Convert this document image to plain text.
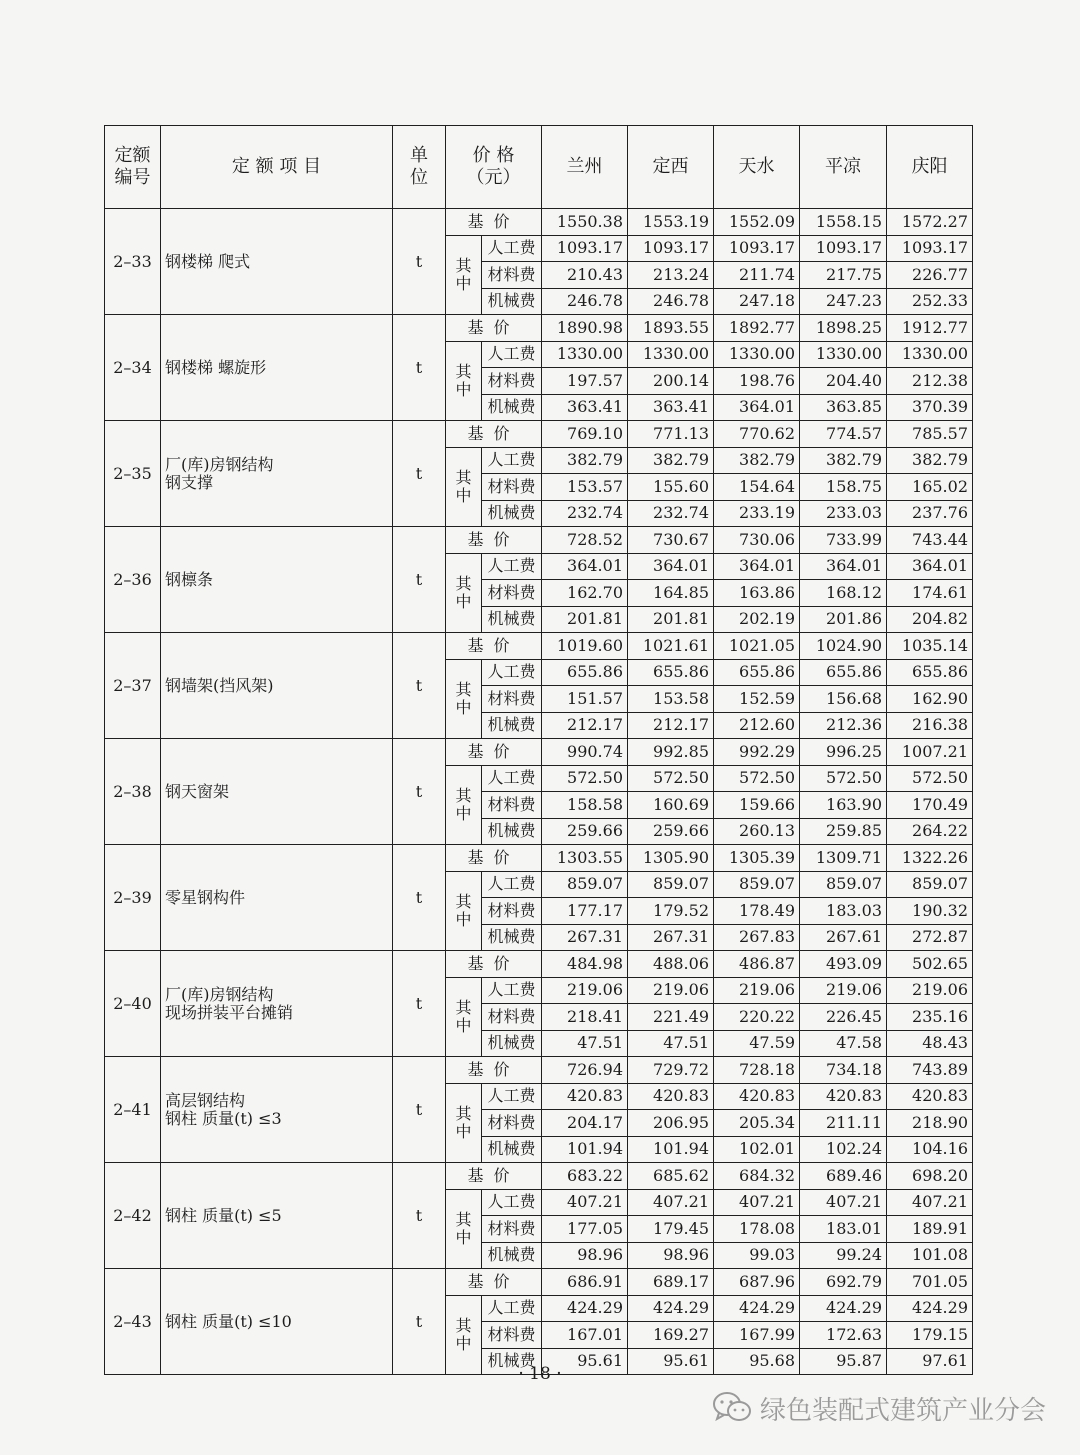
定额
编号	定 额 项 目	单
位	价 格
（元）		兰州	定西	天水	平凉	庆阳
2–33	钢楼梯 爬式	t	基价		1550.38	1553.19	1552.09	1558.15	1572.27

			其
中	人工费	1093.17	1093.17	1093.17	1093.17	1093.17
				材料费	210.43	213.24	211.74	217.75	226.77
				机械费	246.78	246.78	247.18	247.23	252.33
2–34	钢楼梯 螺旋形	t	基价		1890.98	1893.55	1892.77	1898.25	1912.77

			其
中	人工费	1330.00	1330.00	1330.00	1330.00	1330.00
				材料费	197.57	200.14	198.76	204.40	212.38
				机械费	363.41	363.41	364.01	363.85	370.39
2–35	厂(库)房钢结构
钢支撑	t	基价		769.10	771.13	770.62	774.57	785.57

			其
中	人工费	382.79	382.79	382.79	382.79	382.79
				材料费	153.57	155.60	154.64	158.75	165.02
				机械费	232.74	232.74	233.19	233.03	237.76
2–36	钢檩条	t	基价		728.52	730.67	730.06	733.99	743.44

			其
中	人工费	364.01	364.01	364.01	364.01	364.01
				材料费	162.70	164.85	163.86	168.12	174.61
				机械费	201.81	201.81	202.19	201.86	204.82
2–37	钢墙架(挡风架)	t	基价		1019.60	1021.61	1021.05	1024.90	1035.14

			其
中	人工费	655.86	655.86	655.86	655.86	655.86
				材料费	151.57	153.58	152.59	156.68	162.90
				机械费	212.17	212.17	212.60	212.36	216.38
2–38	钢天窗架	t	基价		990.74	992.85	992.29	996.25	1007.21

			其
中	人工费	572.50	572.50	572.50	572.50	572.50
				材料费	158.58	160.69	159.66	163.90	170.49
				机械费	259.66	259.66	260.13	259.85	264.22
2–39	零星钢构件	t	基价		1303.55	1305.90	1305.39	1309.71	1322.26

			其
中	人工费	859.07	859.07	859.07	859.07	859.07
				材料费	177.17	179.52	178.49	183.03	190.32
				机械费	267.31	267.31	267.83	267.61	272.87
2–40	厂(库)房钢结构
现场拼装平台摊销	t	基价		484.98	488.06	486.87	493.09	502.65

			其
中	人工费	219.06	219.06	219.06	219.06	219.06
				材料费	218.41	221.49	220.22	226.45	235.16
				机械费	47.51	47.51	47.59	47.58	48.43
2–41	高层钢结构
钢柱 质量(t) ≤3	t	基价		726.94	729.72	728.18	734.18	743.89

			其
中	人工费	420.83	420.83	420.83	420.83	420.83
				材料费	204.17	206.95	205.34	211.11	218.90
				机械费	101.94	101.94	102.01	102.24	104.16
2–42	钢柱 质量(t) ≤5	t	基价		683.22	685.62	684.32	689.46	698.20

			其
中	人工费	407.21	407.21	407.21	407.21	407.21
				材料费	177.05	179.45	178.08	183.01	189.91
				机械费	98.96	98.96	99.03	99.24	101.08
2–43	钢柱 质量(t) ≤10	t	基价		686.91	689.17	687.96	692.79	701.05

			其
中	人工费	424.29	424.29	424.29	424.29	424.29
				材料费	167.01	169.27	167.99	172.63	179.15
				机械费	95.61	95.61	95.68	95.87	97.61
· 18 ·
绿色装配式建筑产业分会
